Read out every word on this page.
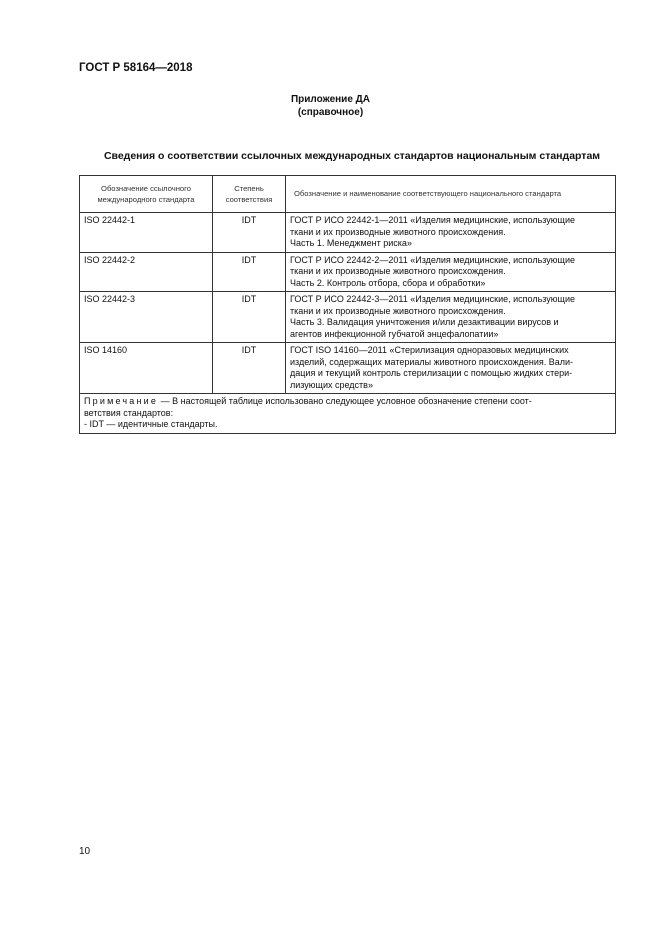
ГОСТ Р 58164—2018
Приложение ДА
(справочное)
Сведения о соответствии ссылочных международных стандартов национальным стандартам
Обозначение ссылочного международного стандарта	Степень соответствия	Обозначение и наименование соответствующего национального стандарта
ISO 22442-1	IDT	ГОСТ Р ИСО 22442-1—2011 «Изделия медицинские, использующие
ткани и их производные животного происхождения.
Часть 1. Менеджмент риска»

ISO 22442-2	IDT	ГОСТ Р ИСО 22442-2—2011 «Изделия медицинские, использующие
ткани и их производные животного происхождения.
Часть 2. Контроль отбора, сбора и обработки»

ISO 22442-3	IDT	ГОСТ Р ИСО 22442-3—2011 «Изделия медицинские, использующие
ткани и их производные животного происхождения.
Часть 3. Валидация уничтожения и/или дезактивации вирусов и
агентов инфекционной губчатой энцефалопатии»

ISO 14160	IDT	ГОСТ ISO 14160—2011 «Стерилизация одноразовых медицинских
изделий, содержащих материалы животного происхождения. Вали-
дация и текущий контроль стерилизации с помощью жидких стери-
лизующих средств»

Примечание — В настоящей таблице использовано следующее условное обозначение степени соот-
ветствия стандартов:
- IDT — идентичные стандарты.		
10
